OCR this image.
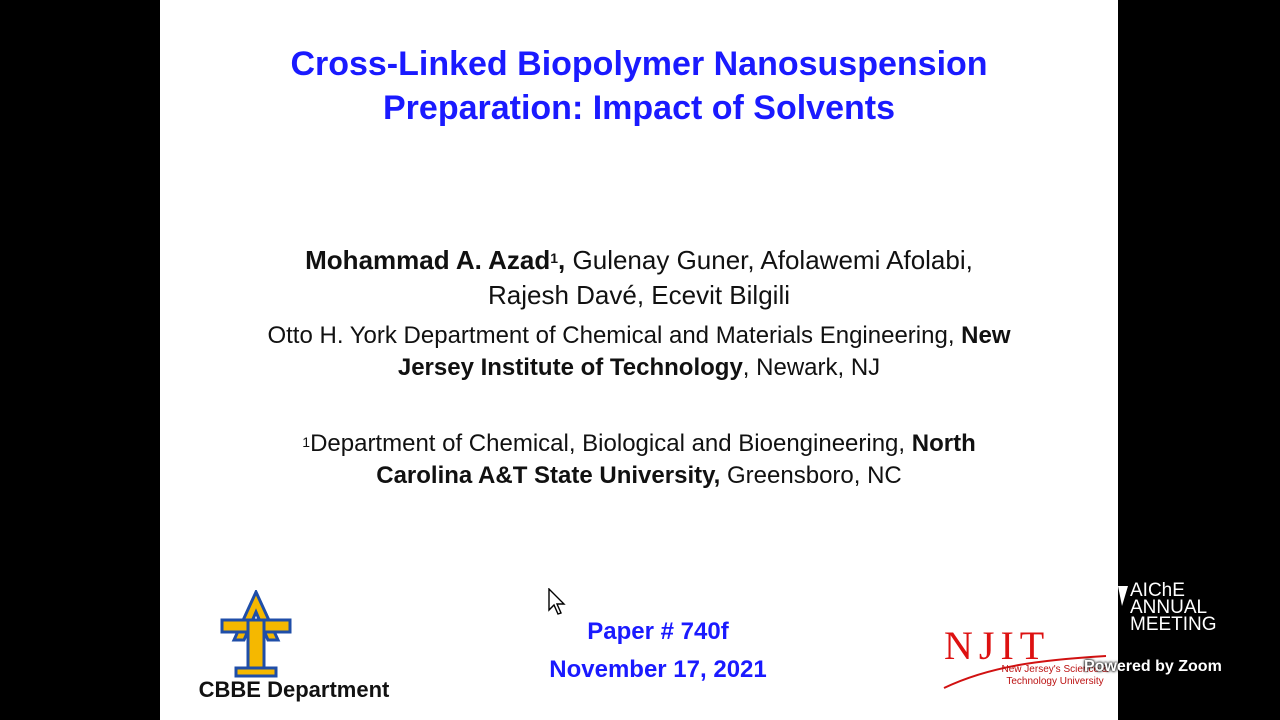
Cross-Linked Biopolymer Nanosuspension
Preparation: Impact of Solvents
Mohammad A. Azad$^1$, Gulenay Guner, Afolawemi Afolabi,
Rajesh Davé, Ecevit Bilgili
Otto H. York Department of Chemical and Materials Engineering, New
Jersey Institute of Technology, Newark, NJ
$^1$Department of Chemical, Biological and Bioengineering, North
Carolina A&T State University, Greensboro, NC
CBBE Department
Paper # 740f
November 17, 2021
NJIT
New Jersey's Science &
Technology University
AIChE
ANNUAL
MEETING
Powered by Zoom
